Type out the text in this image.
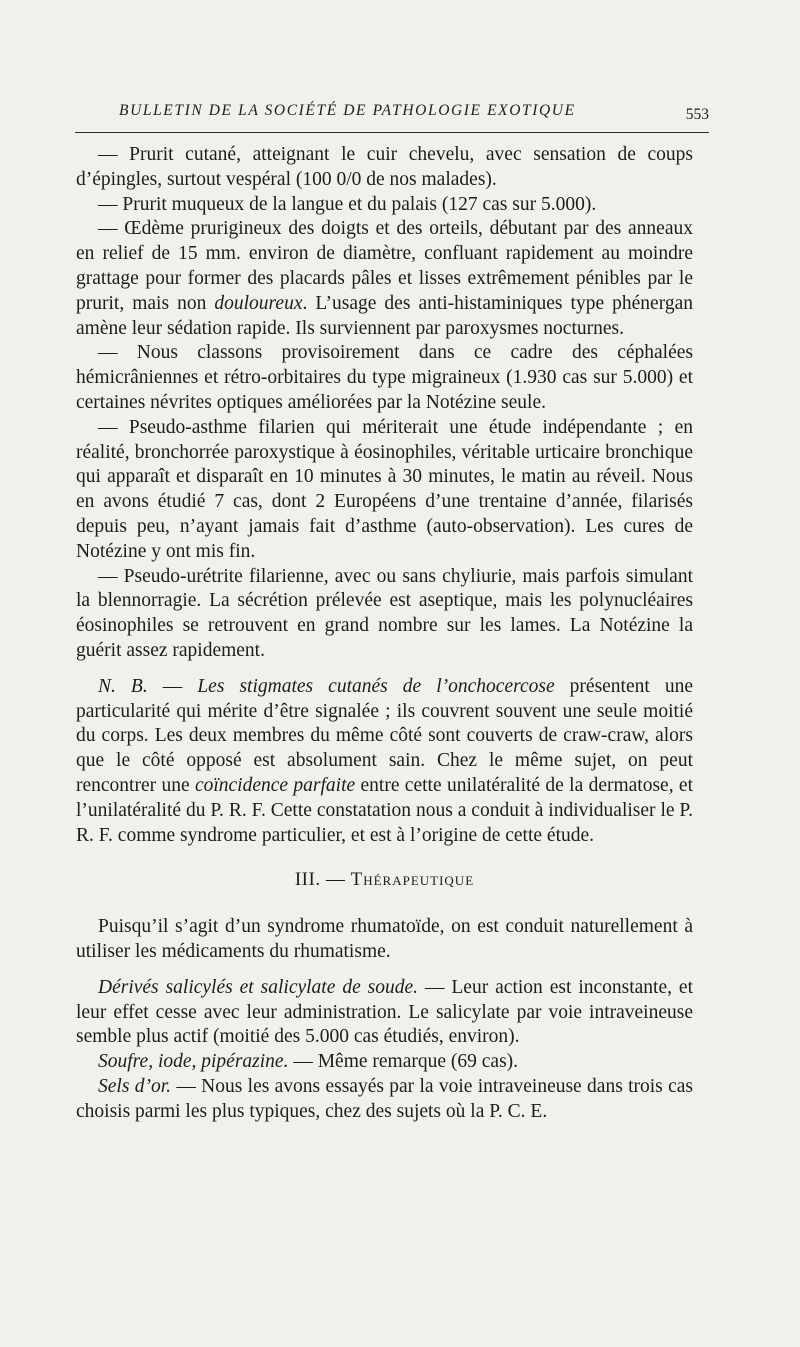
BULLETIN DE LA SOCIÉTÉ DE PATHOLOGIE EXOTIQUE	553

— Prurit cutané, atteignant le cuir chevelu, avec sensation de coups d’épingles, surtout vespéral (100 0/0 de nos malades).

— Prurit muqueux de la langue et du palais (127 cas sur 5.000).

— Œdème prurigineux des doigts et des orteils, débutant par des anneaux en relief de 15 mm. environ de diamètre, confluant rapidement au moindre grattage pour former des placards pâles et lisses extrêmement pénibles par le prurit, mais non douloureux. L’usage des anti-histaminiques type phénergan amène leur sédation rapide. Ils surviennent par paroxysmes nocturnes.

— Nous classons provisoirement dans ce cadre des céphalées hémicrâniennes et rétro-orbitaires du type migraineux (1.930 cas sur 5.000) et certaines névrites optiques améliorées par la Notézine seule.

— Pseudo-asthme filarien qui mériterait une étude indépendante ; en réalité, bronchorrée paroxystique à éosinophiles, véritable urticaire bronchique qui apparaît et disparaît en 10 minutes à 30 minutes, le matin au réveil. Nous en avons étudié 7 cas, dont 2 Européens d’une trentaine d’année, filarisés depuis peu, n’ayant jamais fait d’asthme (auto-observation). Les cures de Notézine y ont mis fin.

— Pseudo-urétrite filarienne, avec ou sans chyliurie, mais parfois simulant la blennorragie. La sécrétion prélevée est aseptique, mais les polynucléaires éosinophiles se retrouvent en grand nombre sur les lames. La Notézine la guérit assez rapidement.

N. B. — Les stigmates cutanés de l’onchocercose présentent une particularité qui mérite d’être signalée ; ils couvrent souvent une seule moitié du corps. Les deux membres du même côté sont couverts de craw-craw, alors que le côté opposé est absolument sain. Chez le même sujet, on peut rencontrer une coïncidence parfaite entre cette unilatéralité de la dermatose, et l’unilatéralité du P. R. F. Cette constatation nous a conduit à individualiser le P. R. F. comme syndrome particulier, et est à l’origine de cette étude.

III. — Thérapeutique

Puisqu’il s’agit d’un syndrome rhumatoïde, on est conduit naturellement à utiliser les médicaments du rhumatisme.

Dérivés salicylés et salicylate de soude. — Leur action est inconstante, et leur effet cesse avec leur administration. Le salicylate par voie intraveineuse semble plus actif (moitié des 5.000 cas étudiés, environ).

Soufre, iode, pipérazine. — Même remarque (69 cas).

Sels d’or. — Nous les avons essayés par la voie intraveineuse dans trois cas choisis parmi les plus typiques, chez des sujets où la P. C. E.
